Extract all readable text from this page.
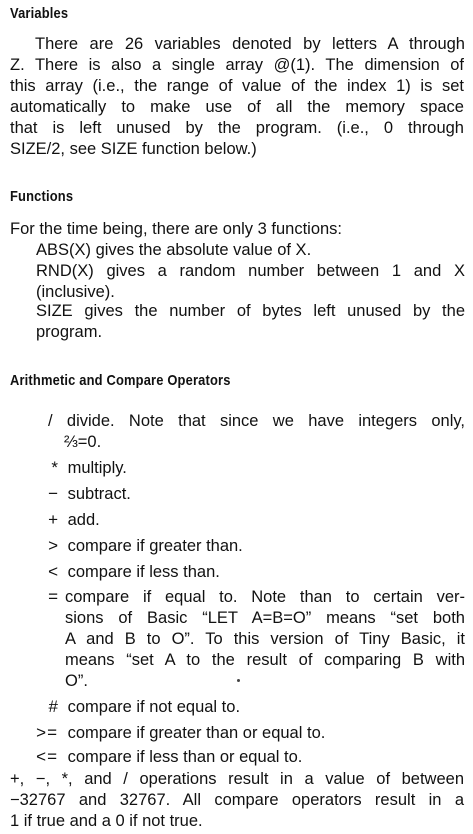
Variables
There are 26 variables denoted by letters A through
Z. There is also a single array @(1). The dimension of
this array (i.e., the range of value of the index 1) is set
automatically to make use of all the memory space
that is left unused by the program. (i.e., 0 through
SIZE/2, see SIZE function below.)
Functions
For the time being, there are only 3 functions:
ABS(X) gives the absolute value of X.
RND(X) gives a random number between 1 and X
(inclusive).
SIZE gives the number of bytes left unused by the
program.
Arithmetic and Compare Operators
/ divide. Note that since we have integers only,
⅔=0.
* multiply.
− subtract.
+ add.
> compare if greater than.
< compare if less than.
= compare if equal to. Note than to certain ver-
sions of Basic “LET A=B=O” means “set both
A and B to O”. To this version of Tiny Basic, it
means “set A to the result of comparing B with
O”.
# compare if not equal to.
>= compare if greater than or equal to.
<= compare if less than or equal to.
+, −, *, and / operations result in a value of between
−32767 and 32767. All compare operators result in a
1 if true and a 0 if not true.
